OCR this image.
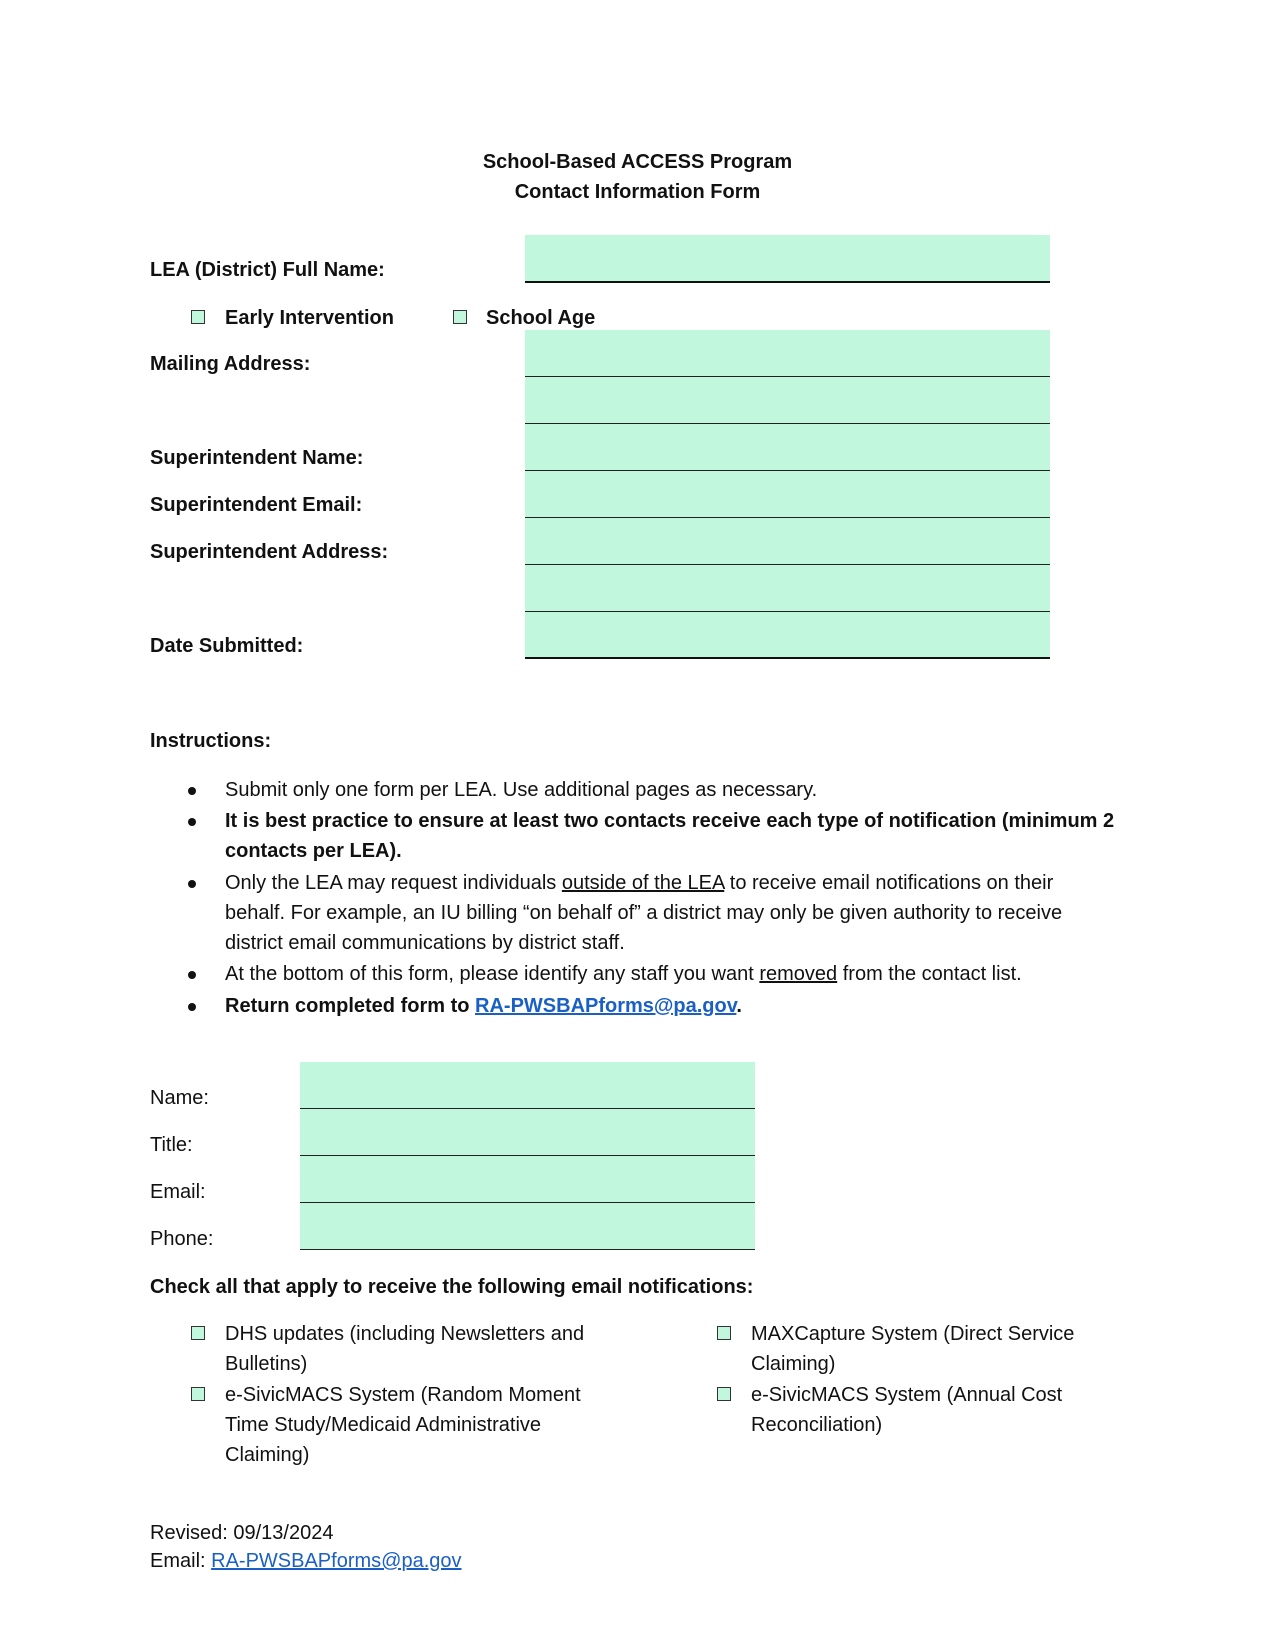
School-Based ACCESS Program
Contact Information Form
LEA (District) Full Name:
Early Intervention	School Age
Mailing Address:
Superintendent Name:
Superintendent Email:
Superintendent Address:
Date Submitted:
Instructions:
Submit only one form per LEA. Use additional pages as necessary.
It is best practice to ensure at least two contacts receive each type of notification (minimum 2
contacts per LEA).
Only the LEA may request individuals outside of the LEA to receive email notifications on their
behalf. For example, an IU billing “on behalf of” a district may only be given authority to receive
district email communications by district staff.
At the bottom of this form, please identify any staff you want removed from the contact list.
Return completed form to RA-PWSBAPforms@pa.gov.
Name:
Title:
Email:
Phone:
Check all that apply to receive the following email notifications:
DHS updates (including Newsletters and
Bulletins)
MAXCapture System (Direct Service
Claiming)
e-SivicMACS System (Random Moment
Time Study/Medicaid Administrative
Claiming)
e-SivicMACS System (Annual Cost
Reconciliation)
Revised: 09/13/2024
Email: RA-PWSBAPforms@pa.gov
